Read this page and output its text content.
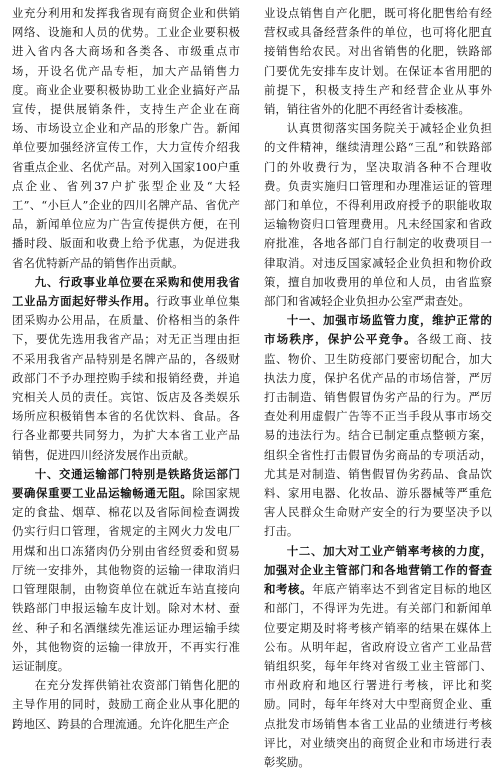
业充分利用和发挥我省现有商贸企业和供销网络、设施和人员的优势。工业企业要积极进入省内各大商场和各类各、市级重点市场，开设名优产品专柜，加大产品销售力度。商业企业要积极协助工业企业搞好产品宣传，提供展销条件，支持生产企业在商场、市场设立企业和产品的形象广告。新闻单位要加强经济宣传工作，大力宣传介绍我省重点企业、名优产品。对列入国家100户重点企业、省列37户扩张型企业及“大轻工”、“小巨人”企业的四川名牌产品、省优产品，新闻单位应为广告宣传提供方便，在刊播时段、版面和收费上给予优惠，为促进我省名优特新产品的销售作出贡献。

九、行政事业单位要在采购和使用我省工业品方面起好带头作用。行政事业单位集团采购办公用品，在质量、价格相当的条件下，要优先选用我省产品；对无正当理由拒不采用我省产品特别是名牌产品的，各级财政部门不予办理控购手续和报销经费，并追究相关人员的责任。宾馆、饭店及各类娱乐场所应积极销售本省的名优饮料、食品。各行各业都要共同努力，为扩大本省工业产品销售，促进四川经济发展作出贡献。

十、交通运输部门特别是铁路货运部门要确保重要工业品运输畅通无阻。除国家规定的食盐、烟草、棉花以及省际间检查调拨仍实行归口管理，省规定的主网火力发电厂用煤和出口冻猪肉仍分别由省经贸委和贸易厅统一安排外，其他物资的运输一律取消归口管理限制，由物资单位在就近车站直接向铁路部门申报运输车皮计划。除对木材、蚕丝、种子和名酒继续先准运证办理运输手续外，其他物资的运输一律放开，不再实行准运证制度。

在充分发挥供销社农资部门销售化肥的主导作用的同时，鼓励工商企业从事化肥的跨地区、跨县的合理流通。允许化肥生产企

业设点销售自产化肥，既可将化肥售给有经营权或具备经营条件的单位，也可将化肥直接销售给农民。对出省销售的化肥，铁路部门要优先安排车皮计划。在保证本省用肥的前提下，积极支持生产和经营企业从事外销，销往省外的化肥不再经省计委核准。

认真贯彻落实国务院关于减轻企业负担的文件精神，继续清理公路“三乱”和铁路部门的外收费行为，坚决取消各种不合理收费。负责实施归口管理和办理准运证的管理部门和单位，不得利用政府授予的职能收取运输物资归口管理费用。凡未经国家和省政府批准，各地各部门自行制定的收费项目一律取消。对违反国家减轻企业负担和物价政策，擅自加收费用的单位和人员，由省监察部门和省减轻企业负担办公室严肃查处。

十一、加强市场监管力度，维护正常的市场秩序，保护公平竞争。各级工商、技监、物价、卫生防疫部门要密切配合，加大执法力度，保护名优产品的市场信誉，严厉打击制造、销售假冒伪劣产品的行为。严厉查处利用虚假广告等不正当手段从事市场交易的违法行为。结合已制定重点整顿方案，组织全省性打击假冒伪劣商品的专项活动，尤其是对制造、销售假冒伪劣药品、食品饮料、家用电器、化妆品、游乐器械等严重危害人民群众生命财产安全的行为要坚决予以打击。

十二、加大对工业产销率考核的力度，加强对企业主管部门和各地营销工作的督查和考核。年底产销率达不到省定目标的地区和部门，不得评为先进。有关部门和新闻单位要定期及时将考核产销率的结果在媒体上公布。从明年起，省政府设立省产工业品营销组织奖，每年年终对省级工业主管部门、市州政府和地区行署进行考核，评比和奖励。同时，每年年终对大中型商贸企业、重点批发市场销售本省工业品的业绩进行考核评比，对业绩突出的商贸企业和市场进行表彰奖励。
